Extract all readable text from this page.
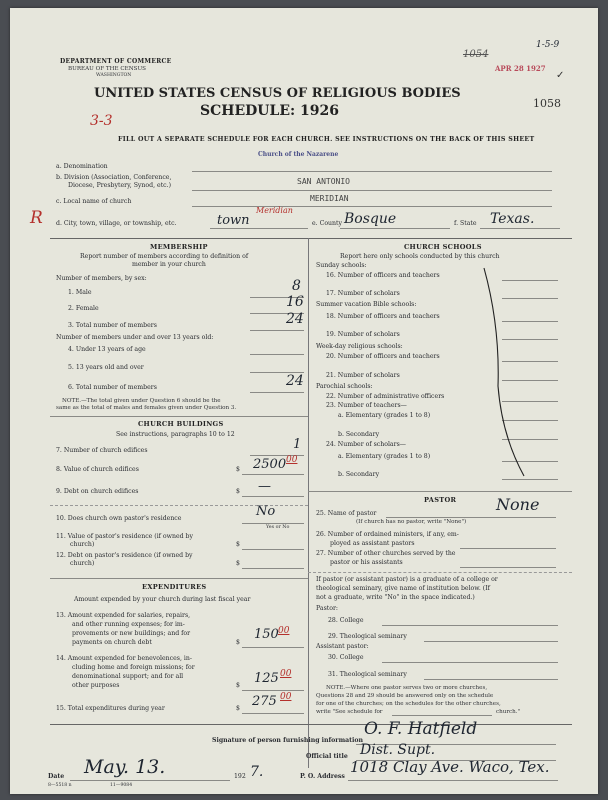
1054
1-5-9
APR 28 1927
✓
1058
DEPARTMENT OF COMMERCE
BUREAU OF THE CENSUS
WASHINGTON
UNITED STATES CENSUS OF RELIGIOUS BODIES
SCHEDULE: 1926
3-3
FILL OUT A SEPARATE SCHEDULE FOR EACH CHURCH. SEE INSTRUCTIONS ON THE BACK OF THIS SHEET
Church of the Nazarene
a. Denomination
b. Division (Association, Conference,
Diocese, Presbytery, Synod, etc.)	SAN ANTONIO
c. Local name of church	MERIDIAN
R d. City, town, village, or township, etc.	town
Meridian
e. County Bosque	f. State Texas.
MEMBERSHIP
Report number of members according to definition of
member in your church
Number of members, by sex:
1. Male	8
2. Female	16
3. Total number of members	24
Number of members under and over 13 years old:
4. Under 13 years of age
5. 13 years old and over
6. Total number of members	24
NOTE.—The total given under Question 6 should be the
same as the total of males and females given under Question 3.
CHURCH BUILDINGS
See instructions, paragraphs 10 to 12
7. Number of church edifices	1
8. Value of church edifices	$ 2500 00
9. Debt on church edifices	$ —
10. Does church own pastor's residence	No
Yes or No
11. Value of pastor's residence (if owned by
church)	$
12. Debt on pastor's residence (if owned by
church)	$
EXPENDITURES
Amount expended by your church during last fiscal year
13. Amount expended for salaries, repairs,
and other running expenses; for im-
provements or new buildings; and for
payments on church debt	$
150 00
14. Amount expended for benevolences, in-
cluding home and foreign missions; for
denominational support; and for all
other purposes	$ 125 00
15. Total expenditures during year	$ 275 00
CHURCH SCHOOLS
Report here only schools conducted by this church
Sunday schools:
16. Number of officers and teachers
17. Number of scholars
Summer vacation Bible schools:
18. Number of officers and teachers
19. Number of scholars
Week-day religious schools:
20. Number of officers and teachers
21. Number of scholars
Parochial schools:
22. Number of administrative officers
23. Number of teachers—
a. Elementary (grades 1 to 8)
b. Secondary
24. Number of scholars—
a. Elementary (grades 1 to 8)
b. Secondary
PASTOR
25. Name of pastor	None
(If church has no pastor, write "None")
26. Number of ordained ministers, if any, em-
ployed as assistant pastors
27. Number of other churches served by the
pastor or his assistants
If pastor (or assistant pastor) is a graduate of a college or
theological seminary, give name of institution below. (If
not a graduate, write "No" in the space indicated.)
Pastor:
28. College
29. Theological seminary
Assistant pastor:
30. College
31. Theological seminary
NOTE.—Where one pastor serves two or more churches,
Questions 28 and 29 should be answered only on the schedule
for one of the churches; on the schedules for the other churches,
write "See schedule for	church."
Signature of person furnishing information
O. F. Hatfield
Official title Dist. Supt.
Date May. 13.	192 7.	P. O. Address
1018 Clay Ave. Waco, Tex.
8—5518 n	11—9084
